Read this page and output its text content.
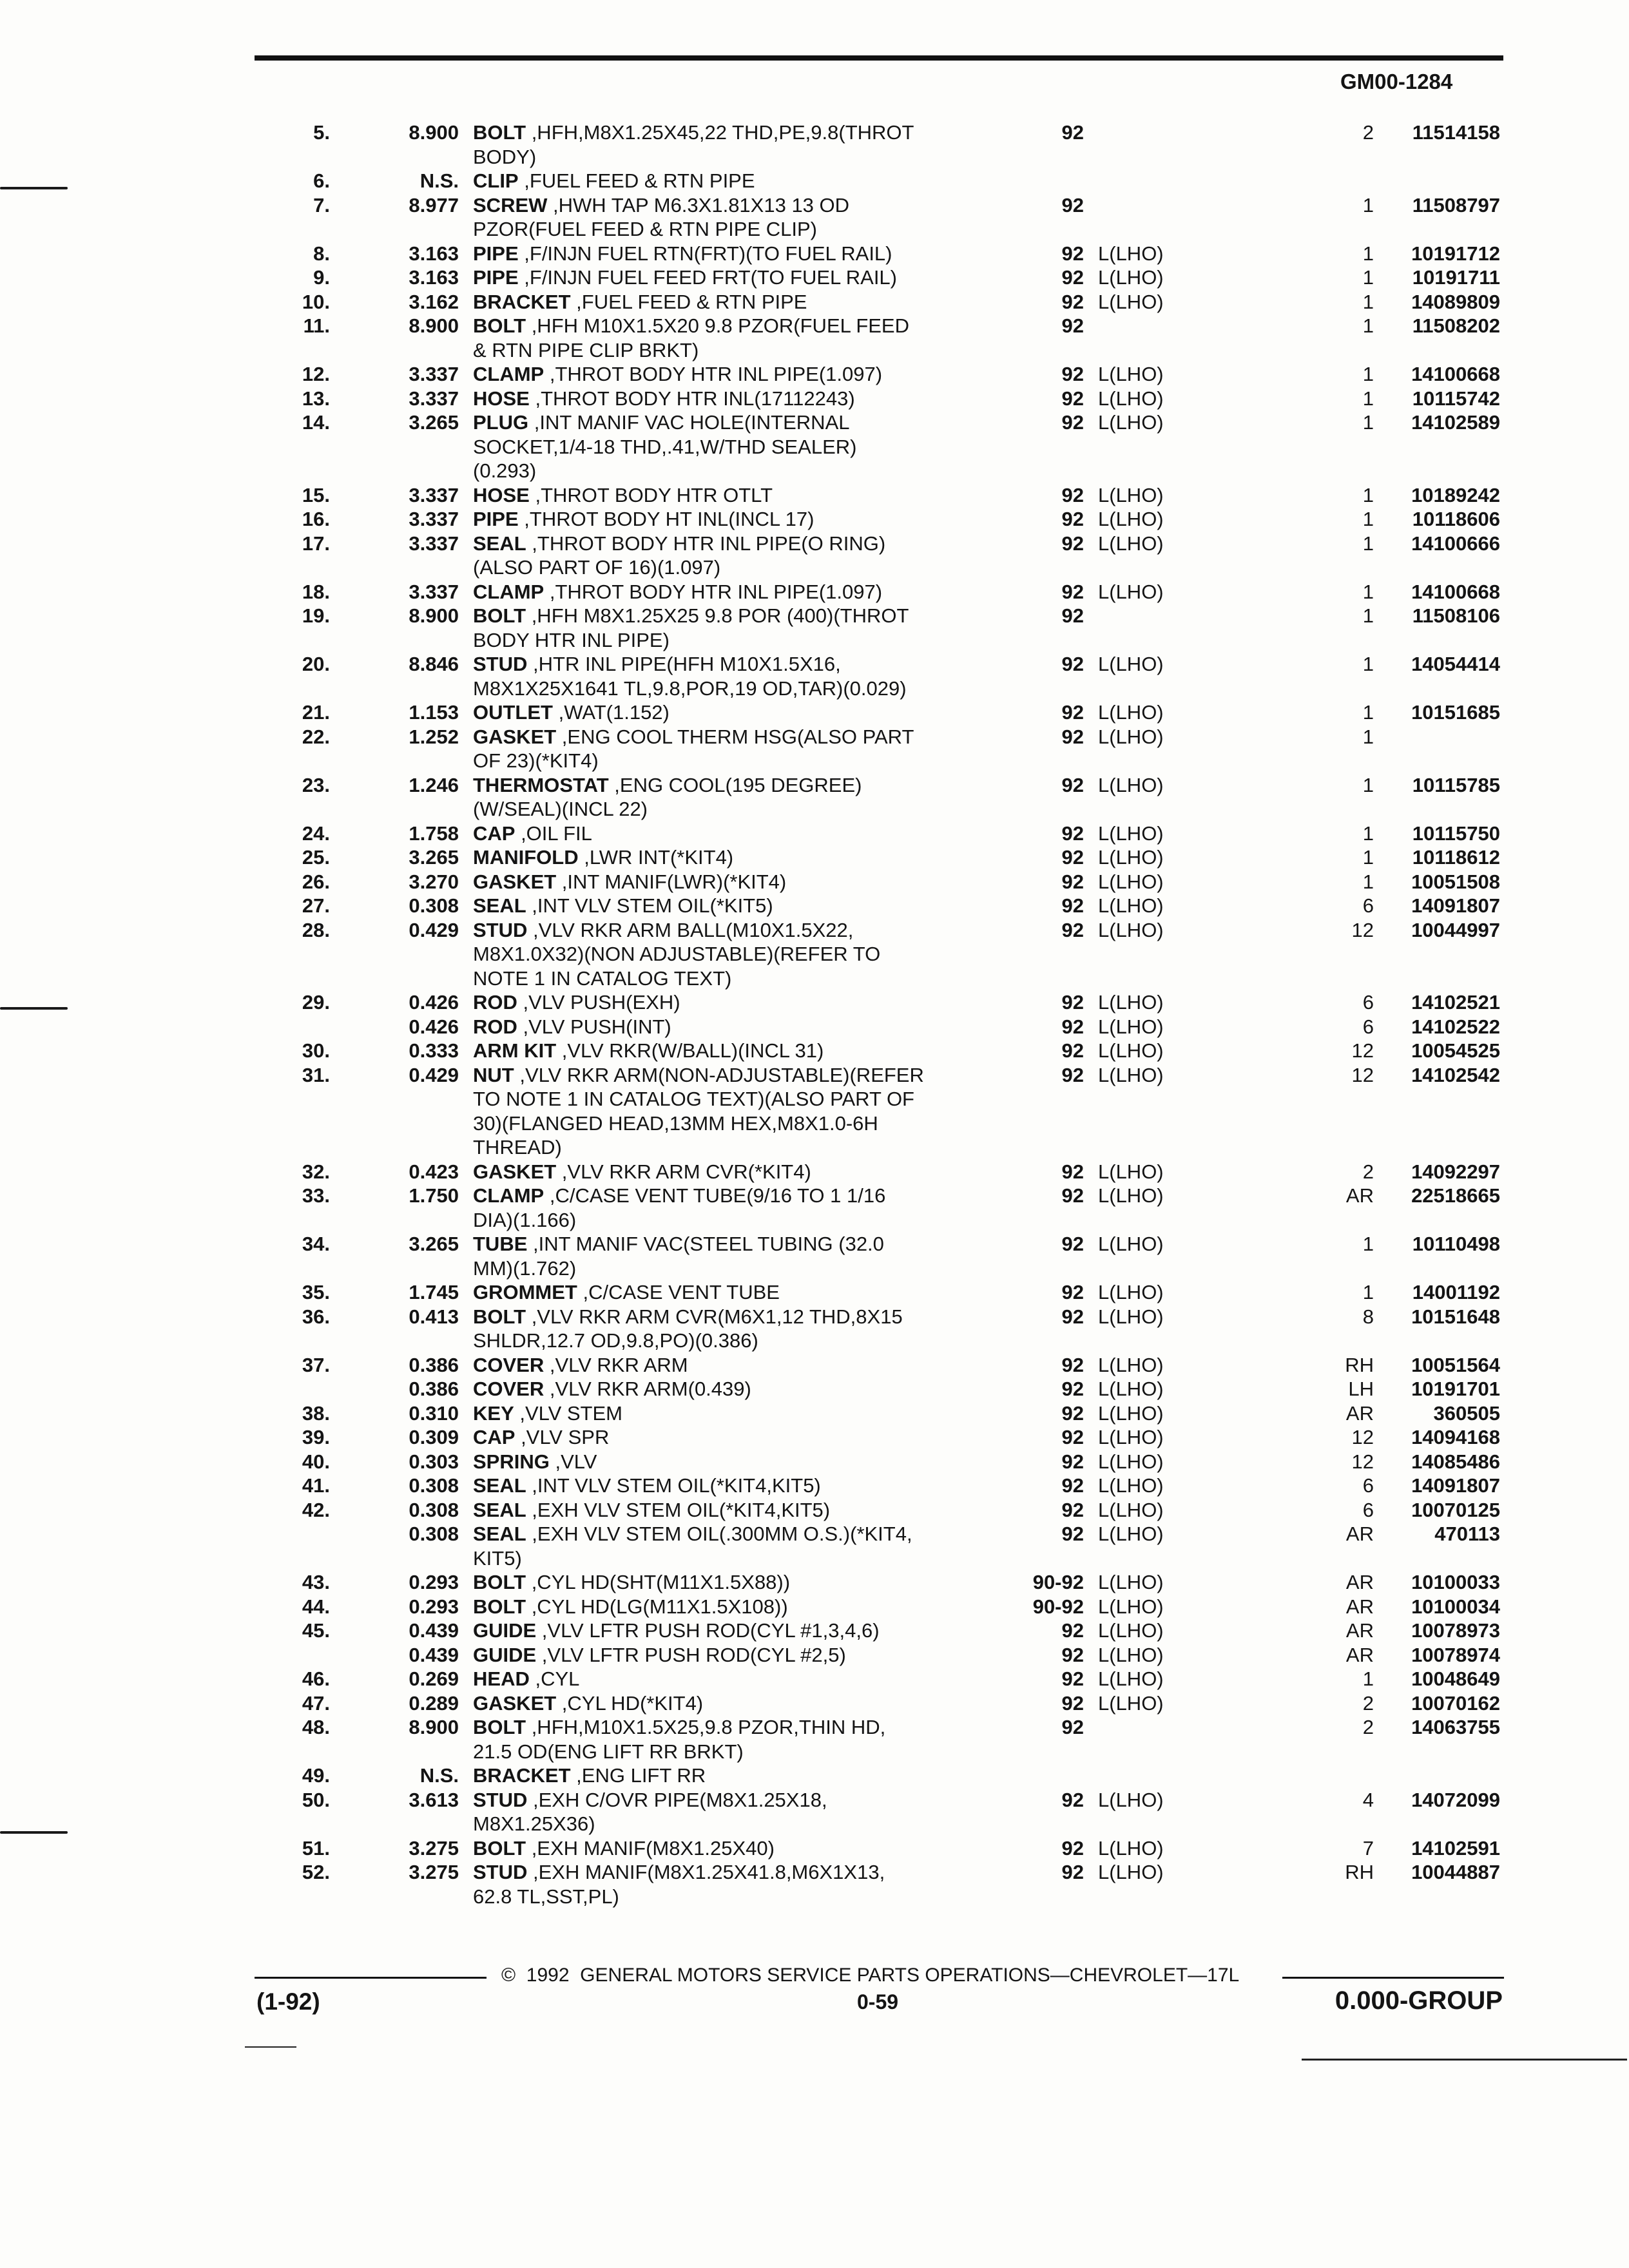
GM00-1284
5.	8.900 BOLT ,HFH,M8X1.25X45,22 THD,PE,9.8(THROT	92	2	11514158
BODY)
6.	N.S. CLIP ,FUEL FEED & RTN PIPE
7.	8.977 SCREW ,HWH TAP M6.3X1.81X13 13 OD	92	1	11508797
PZOR(FUEL FEED & RTN PIPE CLIP)
8.	3.163 PIPE ,F/INJN FUEL RTN(FRT)(TO FUEL RAIL)	92 L(LHO)	1	10191712
9.	3.163 PIPE ,F/INJN FUEL FEED FRT(TO FUEL RAIL)	92 L(LHO)	1	10191711
10.	3.162 BRACKET ,FUEL FEED & RTN PIPE	92 L(LHO)	1	14089809
11.	8.900 BOLT ,HFH M10X1.5X20 9.8 PZOR(FUEL FEED	92	1	11508202
& RTN PIPE CLIP BRKT)
12.	3.337 CLAMP ,THROT BODY HTR INL PIPE(1.097)	92 L(LHO)	1	14100668
13.	3.337 HOSE ,THROT BODY HTR INL(17112243)	92 L(LHO)	1	10115742
14.	3.265 PLUG ,INT MANIF VAC HOLE(INTERNAL	92 L(LHO)	1	14102589
SOCKET,1/4-18 THD,.41,W/THD SEALER)
(0.293)
15.	3.337 HOSE ,THROT BODY HTR OTLT	92 L(LHO)	1	10189242
16.	3.337 PIPE ,THROT BODY HT INL(INCL 17)	92 L(LHO)	1	10118606
17.	3.337 SEAL ,THROT BODY HTR INL PIPE(O RING)	92 L(LHO)	1	14100666
(ALSO PART OF 16)(1.097)
18.	3.337 CLAMP ,THROT BODY HTR INL PIPE(1.097)	92 L(LHO)	1	14100668
19.	8.900 BOLT ,HFH M8X1.25X25 9.8 POR (400)(THROT	92	1	11508106
BODY HTR INL PIPE)
20.	8.846 STUD ,HTR INL PIPE(HFH M10X1.5X16,	92 L(LHO)	1	14054414
M8X1X25X1641 TL,9.8,POR,19 OD,TAR)(0.029)
21.	1.153 OUTLET ,WAT(1.152)	92 L(LHO)	1	10151685
22.	1.252 GASKET ,ENG COOL THERM HSG(ALSO PART	92 L(LHO)	1
OF 23)(*KIT4)
23.	1.246 THERMOSTAT ,ENG COOL(195 DEGREE)	92 L(LHO)	1	10115785
(W/SEAL)(INCL 22)
24.	1.758 CAP ,OIL FIL	92 L(LHO)	1	10115750
25.	3.265 MANIFOLD ,LWR INT(*KIT4)	92 L(LHO)	1	10118612
26.	3.270 GASKET ,INT MANIF(LWR)(*KIT4)	92 L(LHO)	1	10051508
27.	0.308 SEAL ,INT VLV STEM OIL(*KIT5)	92 L(LHO)	6	14091807
28.	0.429 STUD ,VLV RKR ARM BALL(M10X1.5X22,	92 L(LHO)	12	10044997
M8X1.0X32)(NON ADJUSTABLE)(REFER TO
NOTE 1 IN CATALOG TEXT)
29.	0.426 ROD ,VLV PUSH(EXH)	92 L(LHO)	6	14102521
0.426 ROD ,VLV PUSH(INT)	92 L(LHO)	6	14102522
30.	0.333 ARM KIT ,VLV RKR(W/BALL)(INCL 31)	92 L(LHO)	12	10054525
31.	0.429 NUT ,VLV RKR ARM(NON-ADJUSTABLE)(REFER	92 L(LHO)	12	14102542
TO NOTE 1 IN CATALOG TEXT)(ALSO PART OF
30)(FLANGED HEAD,13MM HEX,M8X1.0-6H
THREAD)
32.	0.423 GASKET ,VLV RKR ARM CVR(*KIT4)	92 L(LHO)	2	14092297
33.	1.750 CLAMP ,C/CASE VENT TUBE(9/16 TO 1 1/16	92 L(LHO)	AR	22518665
DIA)(1.166)
34.	3.265 TUBE ,INT MANIF VAC(STEEL TUBING (32.0	92 L(LHO)	1	10110498
MM)(1.762)
35.	1.745 GROMMET ,C/CASE VENT TUBE	92 L(LHO)	1	14001192
36.	0.413 BOLT ,VLV RKR ARM CVR(M6X1,12 THD,8X15	92 L(LHO)	8	10151648
SHLDR,12.7 OD,9.8,PO)(0.386)
37.	0.386 COVER ,VLV RKR ARM	92 L(LHO)	RH	10051564
0.386 COVER ,VLV RKR ARM(0.439)	92 L(LHO)	LH	10191701
38.	0.310 KEY ,VLV STEM	92 L(LHO)	AR	360505
39.	0.309 CAP ,VLV SPR	92 L(LHO)	12	14094168
40.	0.303 SPRING ,VLV	92 L(LHO)	12	14085486
41.	0.308 SEAL ,INT VLV STEM OIL(*KIT4,KIT5)	92 L(LHO)	6	14091807
42.	0.308 SEAL ,EXH VLV STEM OIL(*KIT4,KIT5)	92 L(LHO)	6	10070125
0.308 SEAL ,EXH VLV STEM OIL(.300MM O.S.)(*KIT4,	92 L(LHO)	AR	470113
KIT5)
43.	0.293 BOLT ,CYL HD(SHT(M11X1.5X88))	90-92 L(LHO)	AR	10100033
44.	0.293 BOLT ,CYL HD(LG(M11X1.5X108))	90-92 L(LHO)	AR	10100034
45.	0.439 GUIDE ,VLV LFTR PUSH ROD(CYL #1,3,4,6)	92 L(LHO)	AR	10078973
0.439 GUIDE ,VLV LFTR PUSH ROD(CYL #2,5)	92 L(LHO)	AR	10078974
46.	0.269 HEAD ,CYL	92 L(LHO)	1	10048649
47.	0.289 GASKET ,CYL HD(*KIT4)	92 L(LHO)	2	10070162
48.	8.900 BOLT ,HFH,M10X1.5X25,9.8 PZOR,THIN HD,	92	2	14063755
21.5 OD(ENG LIFT RR BRKT)
49.	N.S. BRACKET ,ENG LIFT RR
50.	3.613 STUD ,EXH C/OVR PIPE(M8X1.25X18,	92 L(LHO)	4	14072099
M8X1.25X36)
51.	3.275 BOLT ,EXH MANIF(M8X1.25X40)	92 L(LHO)	7	14102591
52.	3.275 STUD ,EXH MANIF(M8X1.25X41.8,M6X1X13,	92 L(LHO)	RH	10044887
62.8 TL,SST,PL)
©  1992  GENERAL MOTORS SERVICE PARTS OPERATIONS—CHEVROLET—17L
(1-92)	0-59	0.000-GROUP
